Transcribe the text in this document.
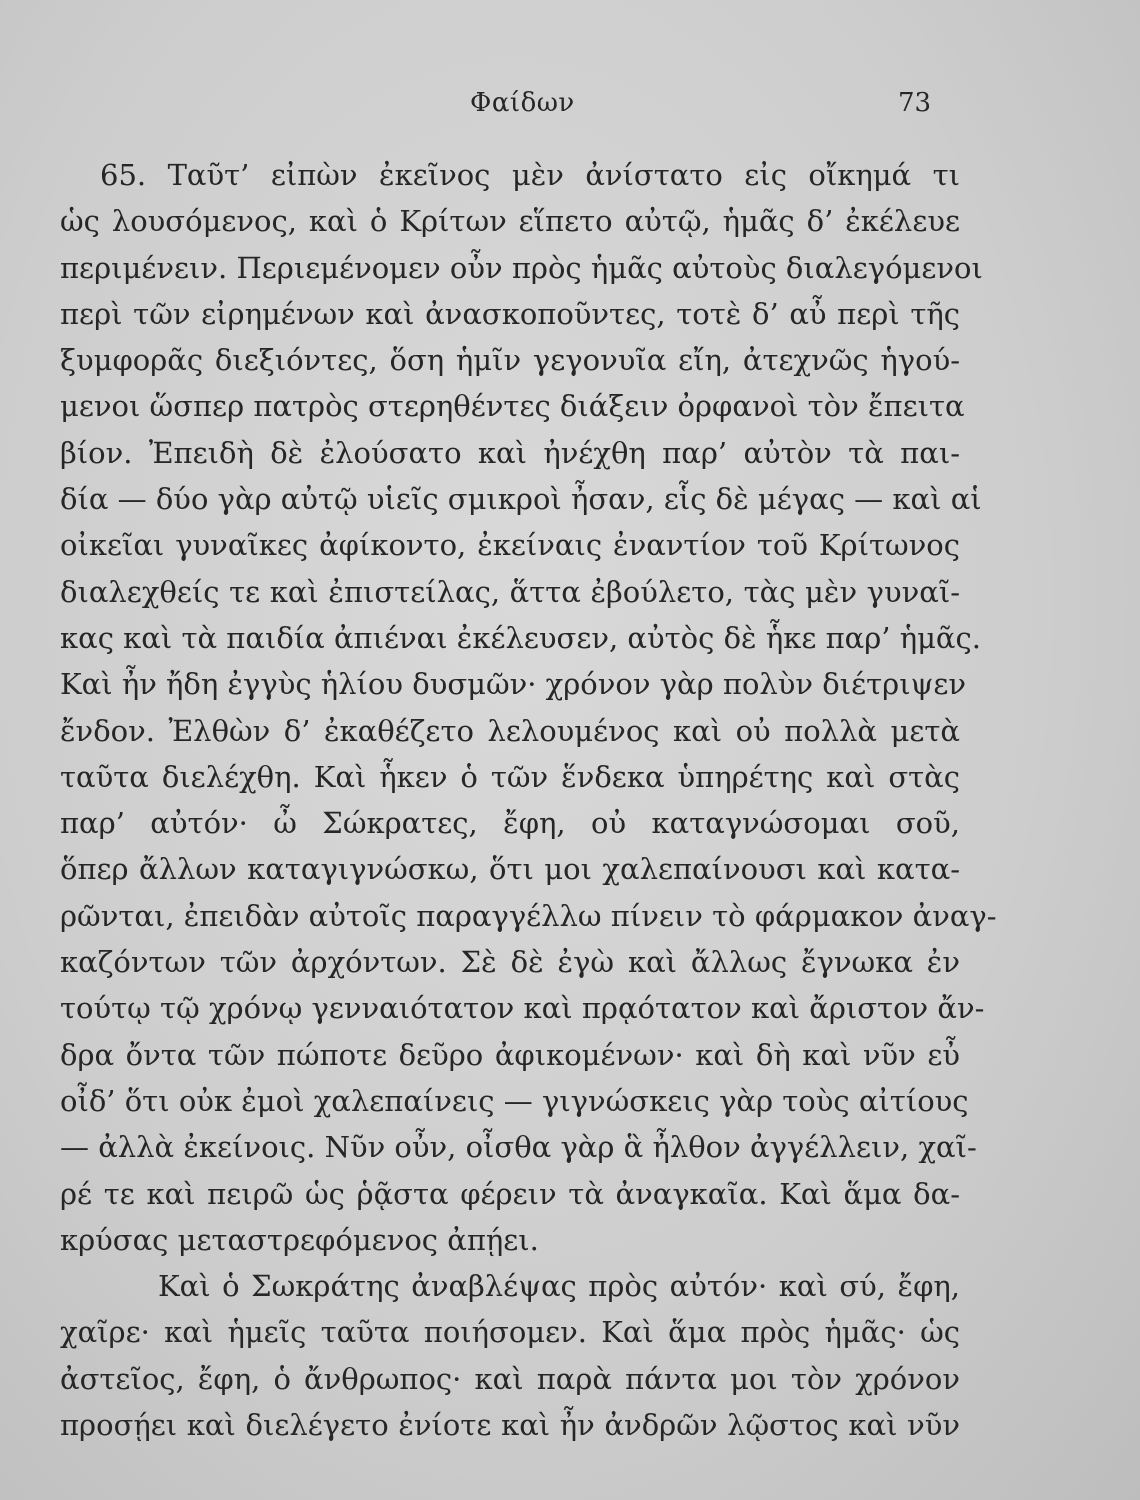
Φαίδων	73
65. Ταῦτ’ εἰπὼν ἐκεῖνος μὲν ἀνίστατο εἰς οἴκημά τι
ὡς λουσόμενος, καὶ ὁ Κρίτων εἵπετο αὐτῷ, ἡμᾶς δ’ ἐκέλευε
περιμένειν. Περιεμένομεν οὖν πρὸς ἡμᾶς αὐτοὺς διαλεγόμενοι
περὶ τῶν εἰρημένων καὶ ἀνασκοποῦντες, τοτὲ δ’ αὖ περὶ τῆς
ξυμφορᾶς διεξιόντες, ὅση ἡμῖν γεγονυῖα εἴη, ἀτεχνῶς ἡγού-
μενοι ὥσπερ πατρὸς στερηθέντες διάξειν ὀρφανοὶ τὸν ἔπειτα
βίον. Ἐπειδὴ δὲ ἐλούσατο καὶ ἠνέχθη παρ’ αὐτὸν τὰ παι-
δία — δύο γὰρ αὐτῷ υἱεῖς σμικροὶ ἦσαν, εἷς δὲ μέγας — καὶ αἱ
οἰκεῖαι γυναῖκες ἀφίκοντο, ἐκείναις ἐναντίον τοῦ Κρίτωνος
διαλεχθείς τε καὶ ἐπιστείλας, ἅττα ἐβούλετο, τὰς μὲν γυναῖ-
κας καὶ τὰ παιδία ἀπιέναι ἐκέλευσεν, αὐτὸς δὲ ἧκε παρ’ ἡμᾶς.
Καὶ ἦν ἤδη ἐγγὺς ἡλίου δυσμῶν· χρόνον γὰρ πολὺν διέτριψεν
ἔνδον. Ἐλθὼν δ’ ἐκαθέζετο λελουμένος καὶ οὐ πολλὰ μετὰ
ταῦτα διελέχθη. Καὶ ἧκεν ὁ τῶν ἕνδεκα ὑπηρέτης καὶ στὰς
παρ’ αὐτόν· ὦ Σώκρατες, ἔφη, οὐ καταγνώσομαι σοῦ,
ὅπερ ἄλλων καταγιγνώσκω, ὅτι μοι χαλεπαίνουσι καὶ κατα-
ρῶνται, ἐπειδὰν αὐτοῖς παραγγέλλω πίνειν τὸ φάρμακον ἀναγ-
καζόντων τῶν ἀρχόντων. Σὲ δὲ ἐγὼ καὶ ἄλλως ἔγνωκα ἐν
τούτῳ τῷ χρόνῳ γενναιότατον καὶ πρᾳότατον καὶ ἄριστον ἄν-
δρα ὄντα τῶν πώποτε δεῦρο ἀφικομένων· καὶ δὴ καὶ νῦν εὖ
οἶδ’ ὅτι οὐκ ἐμοὶ χαλεπαίνεις — γιγνώσκεις γὰρ τοὺς αἰτίους
— ἀλλὰ ἐκείνοις. Νῦν οὖν, οἶσθα γὰρ ἃ ἦλθον ἀγγέλλειν, χαῖ-
ρέ τε καὶ πειρῶ ὡς ῥᾷστα φέρειν τὰ ἀναγκαῖα. Καὶ ἅμα δα-
κρύσας μεταστρεφόμενος ἀπῄει.
Καὶ ὁ Σωκράτης ἀναβλέψας πρὸς αὐτόν· καὶ σύ, ἔφη,
χαῖρε· καὶ ἡμεῖς ταῦτα ποιήσομεν. Καὶ ἅμα πρὸς ἡμᾶς· ὡς
ἀστεῖος, ἔφη, ὁ ἄνθρωπος· καὶ παρὰ πάντα μοι τὸν χρόνον
προσῄει καὶ διελέγετο ἐνίοτε καὶ ἦν ἀνδρῶν λῷστος καὶ νῦν
